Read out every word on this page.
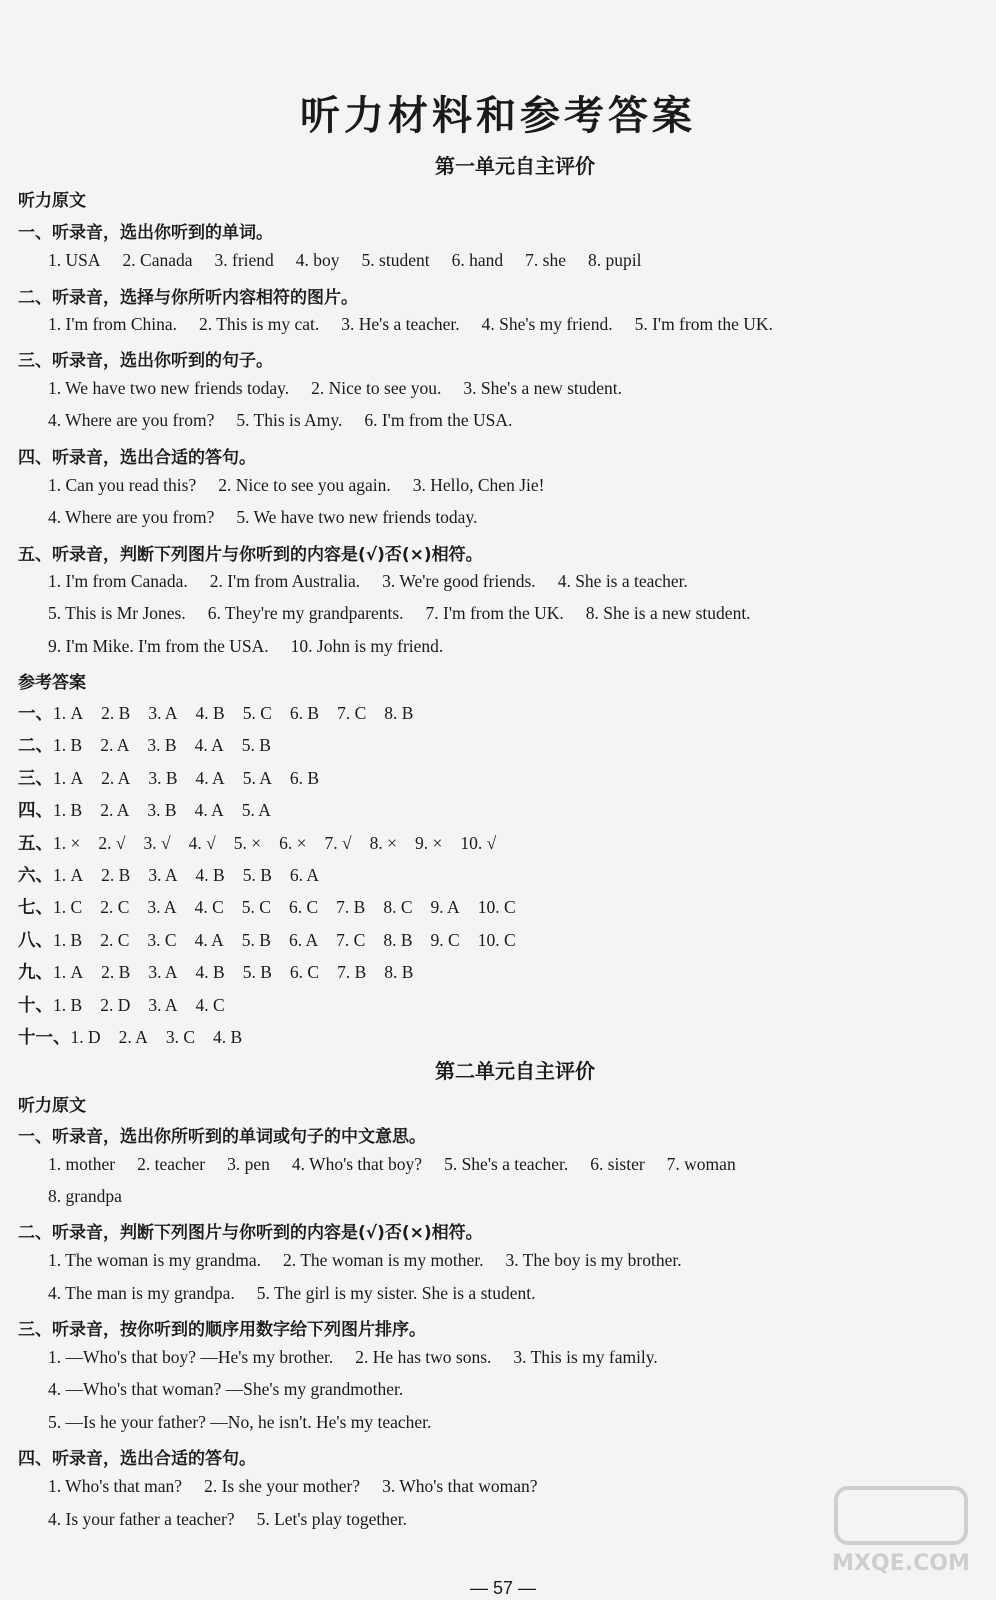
听力材料和参考答案
第一单元自主评价
听力原文
一、听录音，选出你听到的单词。
1. USA 2. Canada 3. friend 4. boy 5. student 6. hand 7. she 8. pupil
二、听录音，选择与你所听内容相符的图片。
1. I'm from China. 2. This is my cat. 3. He's a teacher. 4. She's my friend. 5. I'm from the UK.
三、听录音，选出你听到的句子。
1. We have two new friends today. 2. Nice to see you. 3. She's a new student.
4. Where are you from? 5. This is Amy. 6. I'm from the USA.
四、听录音，选出合适的答句。
1. Can you read this? 2. Nice to see you again. 3. Hello, Chen Jie!
4. Where are you from? 5. We have two new friends today.
五、听录音，判断下列图片与你听到的内容是(√)否(×)相符。
1. I'm from Canada. 2. I'm from Australia. 3. We're good friends. 4. She is a teacher.
5. This is Mr Jones. 6. They're my grandparents. 7. I'm from the UK. 8. She is a new student.
9. I'm Mike. I'm from the USA. 10. John is my friend.
参考答案
一、1. A 2. B 3. A 4. B 5. C 6. B 7. C 8. B
二、1. B 2. A 3. B 4. A 5. B
三、1. A 2. A 3. B 4. A 5. A 6. B
四、1. B 2. A 3. B 4. A 5. A
五、1. × 2. √ 3. √ 4. √ 5. × 6. × 7. √ 8. × 9. × 10. √
六、1. A 2. B 3. A 4. B 5. B 6. A
七、1. C 2. C 3. A 4. C 5. C 6. C 7. B 8. C 9. A 10. C
八、1. B 2. C 3. C 4. A 5. B 6. A 7. C 8. B 9. C 10. C
九、1. A 2. B 3. A 4. B 5. B 6. C 7. B 8. B
十、1. B 2. D 3. A 4. C
十一、1. D 2. A 3. C 4. B
第二单元自主评价
听力原文
一、听录音，选出你所听到的单词或句子的中文意思。
1. mother 2. teacher 3. pen 4. Who's that boy? 5. She's a teacher. 6. sister 7. woman
8. grandpa
二、听录音，判断下列图片与你听到的内容是(√)否(×)相符。
1. The woman is my grandma. 2. The woman is my mother. 3. The boy is my brother.
4. The man is my grandpa. 5. The girl is my sister. She is a student.
三、听录音，按你听到的顺序用数字给下列图片排序。
1. —Who's that boy? —He's my brother. 2. He has two sons. 3. This is my family.
4. —Who's that woman? —She's my grandmother.
5. —Is he your father? —No, he isn't. He's my teacher.
四、听录音，选出合适的答句。
1. Who's that man? 2. Is she your mother? 3. Who's that woman?
4. Is your father a teacher? 5. Let's play together.
MXQE.COM
— 57 —
